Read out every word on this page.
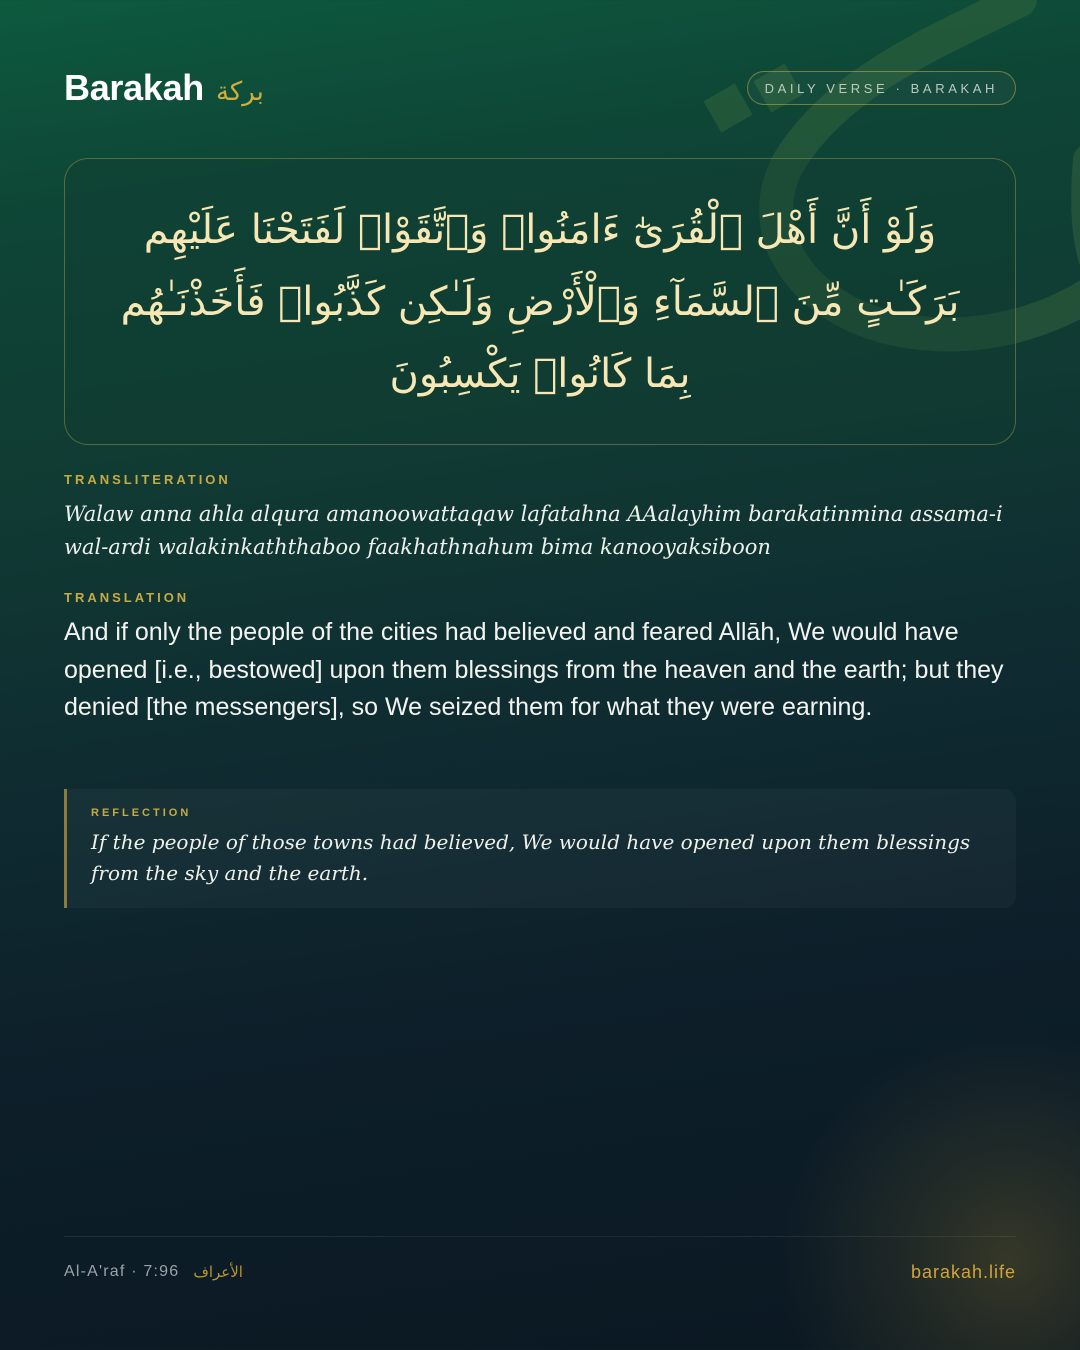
Barakah بركة	DAILY VERSE · BARAKAH

وَلَوْ أَنَّ أَهْلَ ٱلْقُرَىٰٓ ءَامَنُوا۟ وَٱتَّقَوْا۟ لَفَتَحْنَا عَلَيْهِم بَرَكَـٰتٍ مِّنَ ٱلسَّمَآءِ وَٱلْأَرْضِ وَلَـٰكِن كَذَّبُوا۟ فَأَخَذْنَـٰهُم بِمَا كَانُوا۟ يَكْسِبُونَ

TRANSLITERATION

Walaw anna ahla alqura amanoowattaqaw lafatahna AAalayhim barakatinmina assama-i wal-ardi walakinkaththaboo faakhathnahum bima kanooyaksiboon

TRANSLATION

And if only the people of the cities had believed and feared Allāh, We would have opened [i.e., bestowed] upon them blessings from the heaven and the earth; but they denied [the messengers], so We seized them for what they were earning.

REFLECTION

If the people of those towns had believed, We would have opened upon them blessings from the sky and the earth.

Al-A'raf · 7:96 الأعراف	barakah.life
